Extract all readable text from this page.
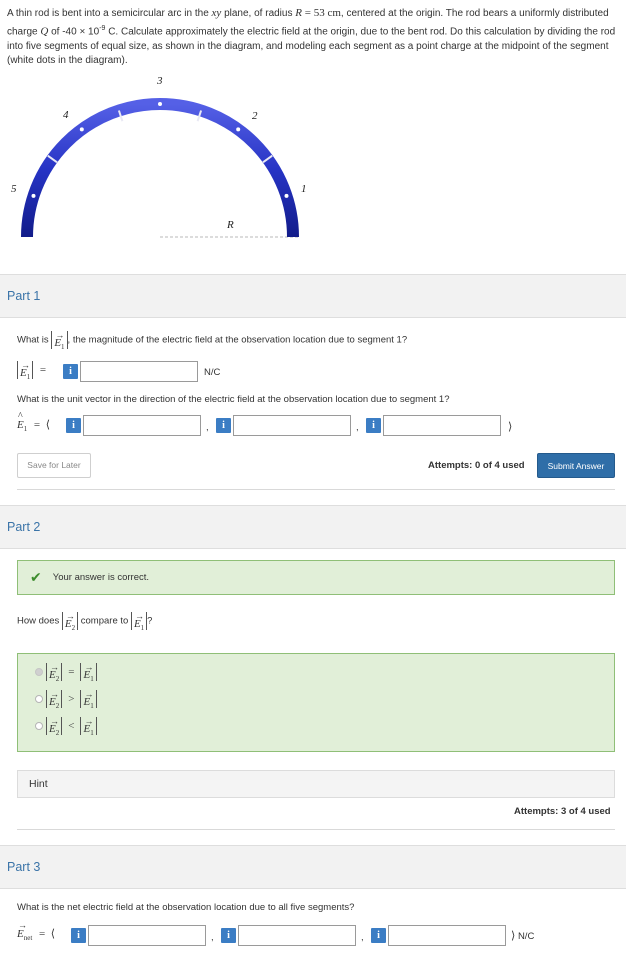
A thin rod is bent into a semicircular arc in the xy plane, of radius R = 53 cm, centered at the origin. The rod bears a uniformly distributed charge Q of $-40 \times 10^{-9}$ C. Calculate approximately the electric field at the origin, due to the bent rod. Do this calculation by dividing the rod into five segments of equal size, as shown in the diagram, and modeling each segment as a point charge at the midpoint of the segment (white dots in the diagram).
1
2
3
4
5
R
Part 1
What is →
$E_1$, the magnitude of the electric field at the observation location due to segment 1?
→
$E_1$ =	i	N/C
What is the unit vector in the direction of the electric field at the observation location due to segment 1?
^
$E_1$ = ⟨	i	,	i	,	i	⟩
Save for Later	Attempts: 0 of 4 used	Submit Answer
Part 2
✔ Your answer is correct.
How does →
$E_2$ compare to →
$E_1$?
→
$E_2$
= →
$E_1$
→
$E_2$
> →
$E_1$
→
$E_2$
< →
$E_1$
Hint
Attempts: 3 of 4 used
Part 3
What is the net electric field at the observation location due to all five segments?
→
$E_{net}$ = ⟨	i	,	i	,	i	⟩ N/C
